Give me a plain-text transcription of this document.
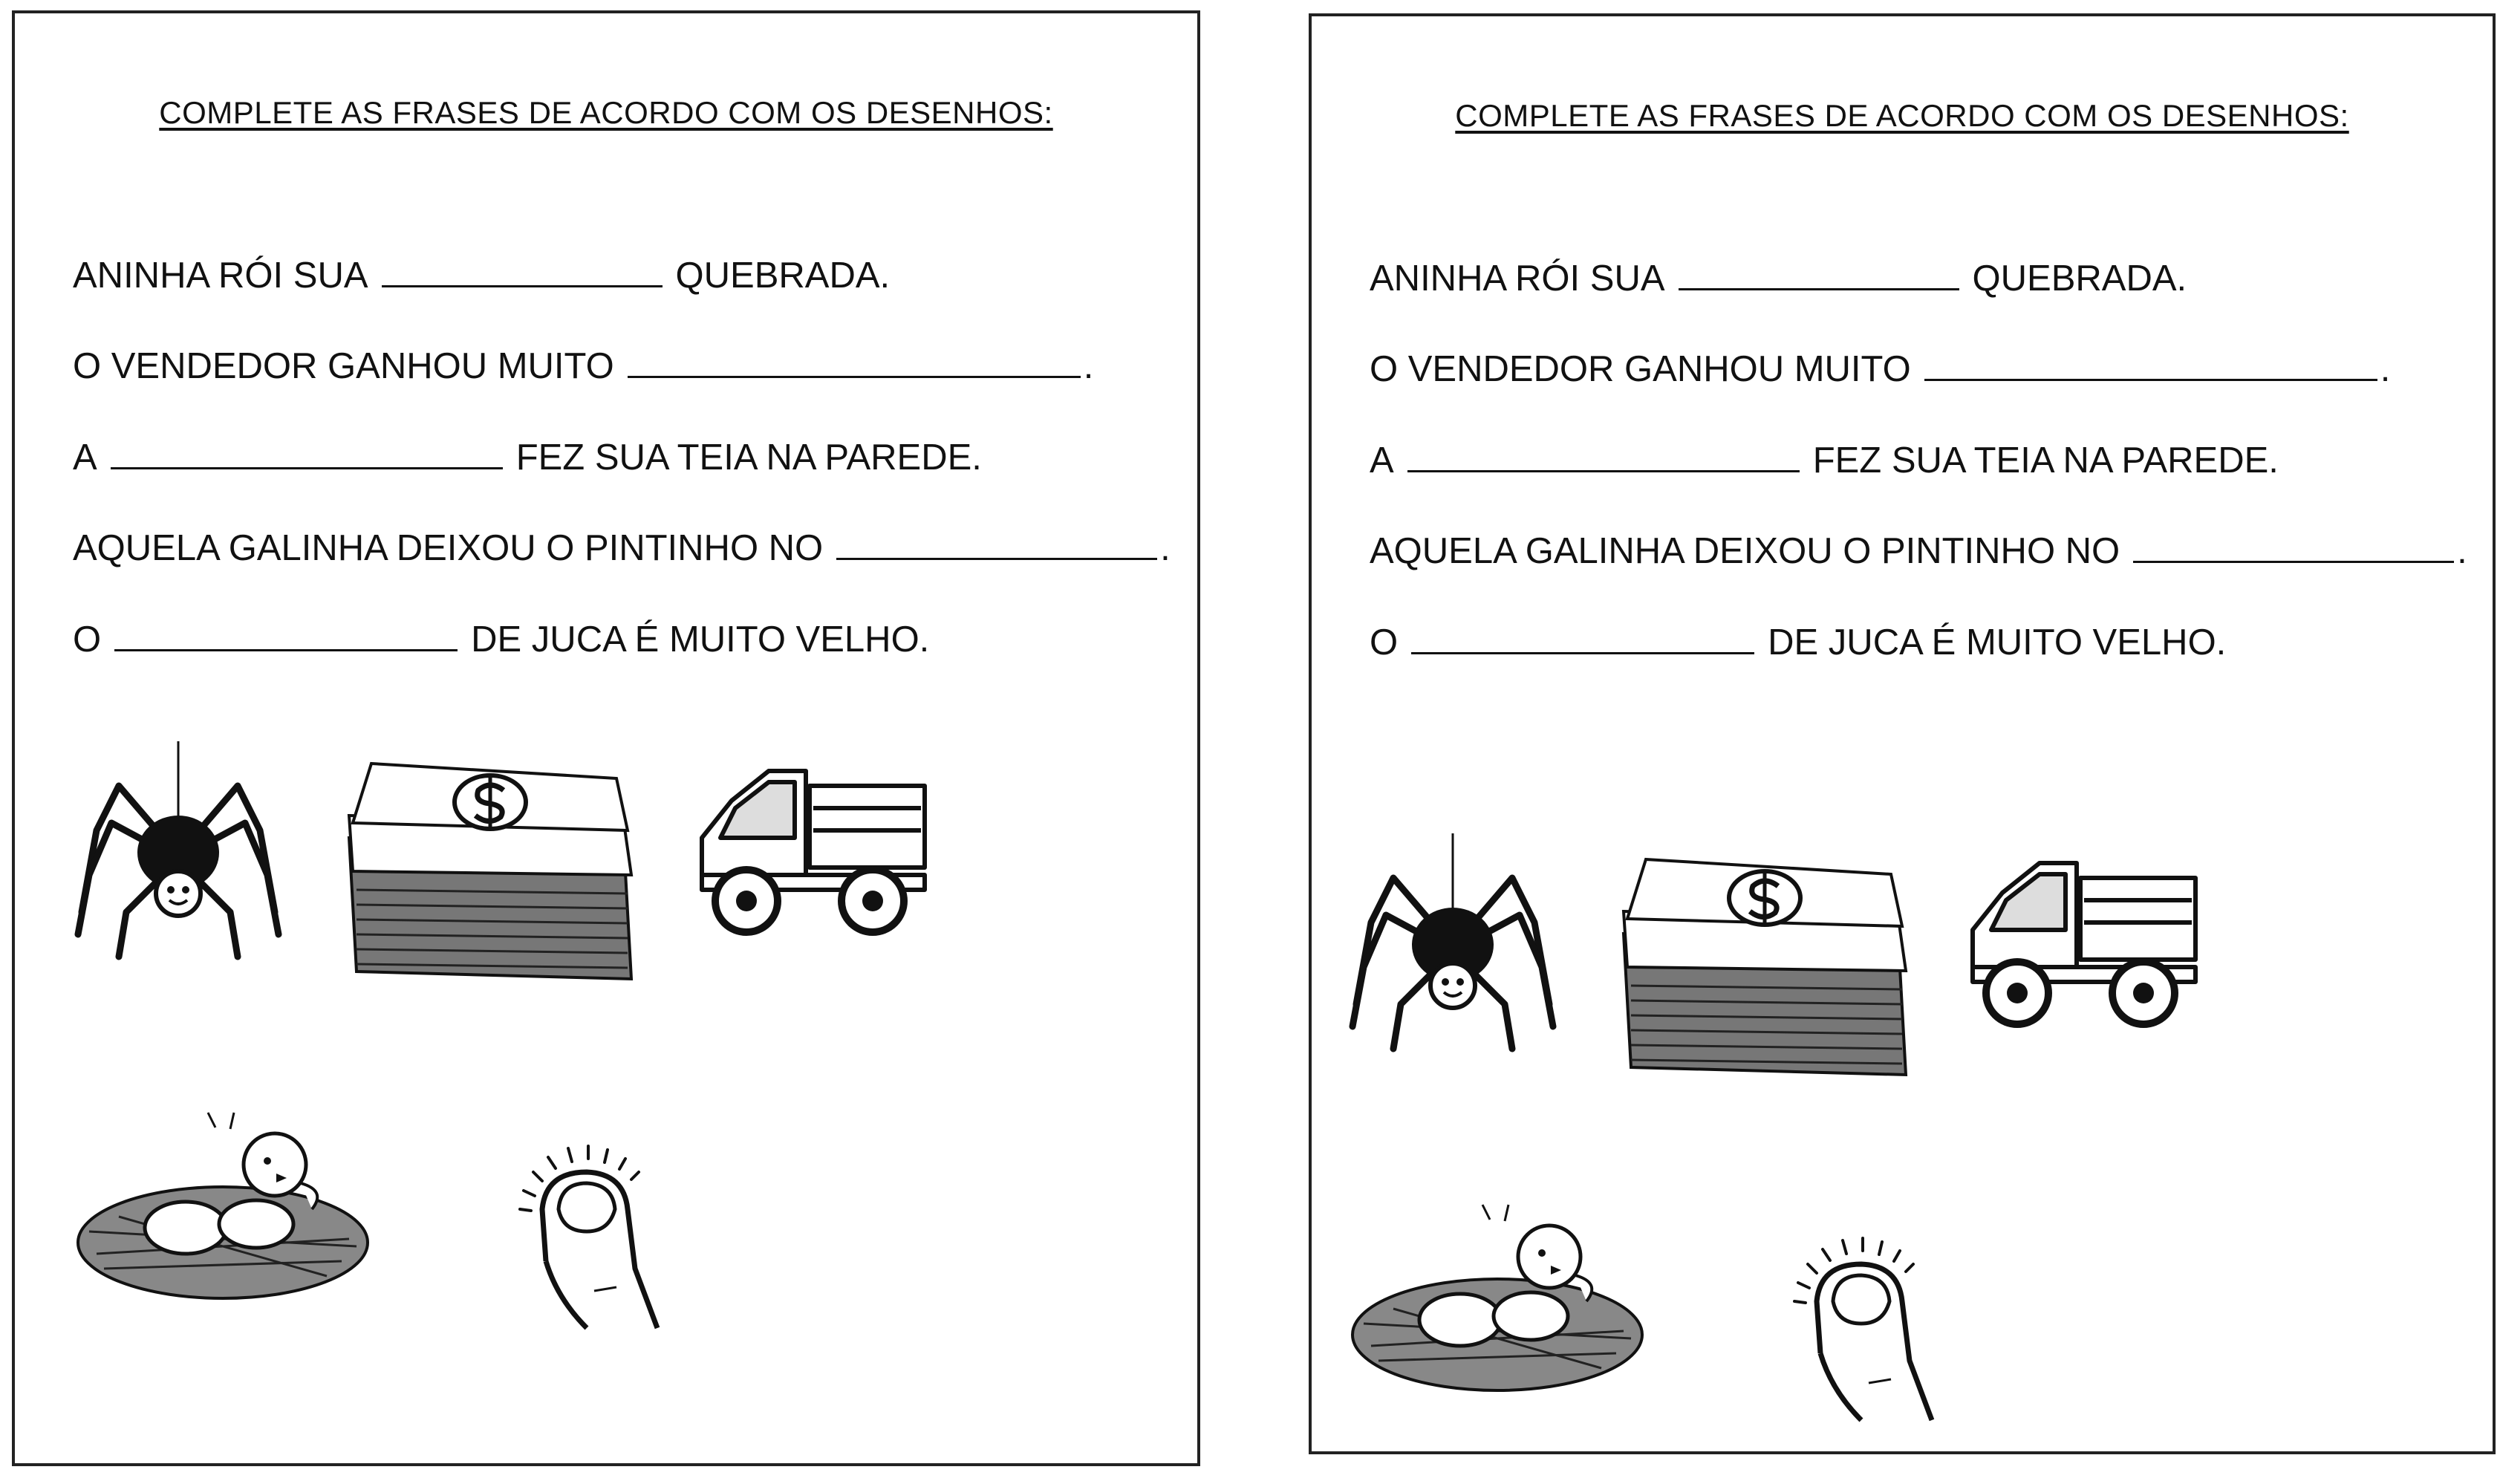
COMPLETE AS FRASES DE ACORDO COM OS DESENHOS:
ANINHA RÓI SUA	QUEBRADA.
O VENDEDOR GANHOU MUITO	.
A	FEZ SUA TEIA NA PAREDE.
AQUELA GALINHA DEIXOU O PINTINHO NO	.
O	DE JUCA É MUITO VELHO.
COMPLETE AS FRASES DE ACORDO COM OS DESENHOS:
ANINHA RÓI SUA	QUEBRADA.
O VENDEDOR GANHOU MUITO	.
A	FEZ SUA TEIA NA PAREDE.
AQUELA GALINHA DEIXOU O PINTINHO NO	.
O	DE JUCA É MUITO VELHO.
